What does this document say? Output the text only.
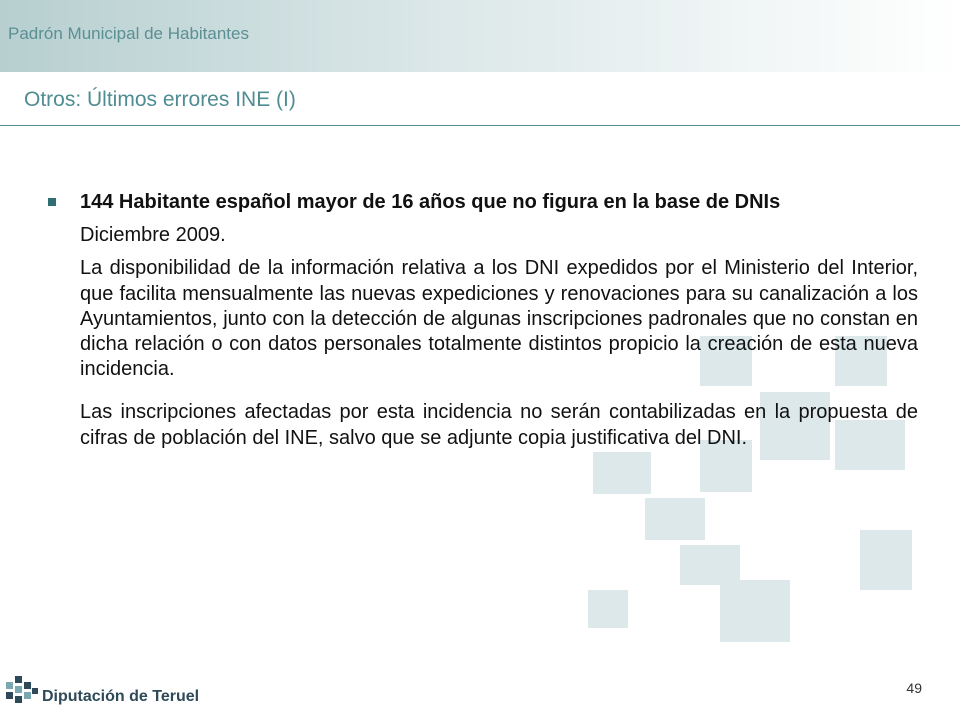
Padrón Municipal de Habitantes
Otros: Últimos errores INE (I)
144 Habitante español mayor de 16 años que no figura en la base de DNIs
Diciembre 2009.
La disponibilidad de la información relativa a los DNI expedidos por el Ministerio del Interior, que facilita mensualmente las nuevas expediciones y renovaciones para su canalización a los Ayuntamientos, junto con la detección de algunas inscripciones padronales que no constan en dicha relación o con datos personales totalmente distintos propicio la creación de esta nueva incidencia.
Las inscripciones afectadas por esta incidencia no serán contabilizadas en la propuesta de cifras de población del INE, salvo que se adjunte copia justificativa del DNI.
Diputación de Teruel	49
